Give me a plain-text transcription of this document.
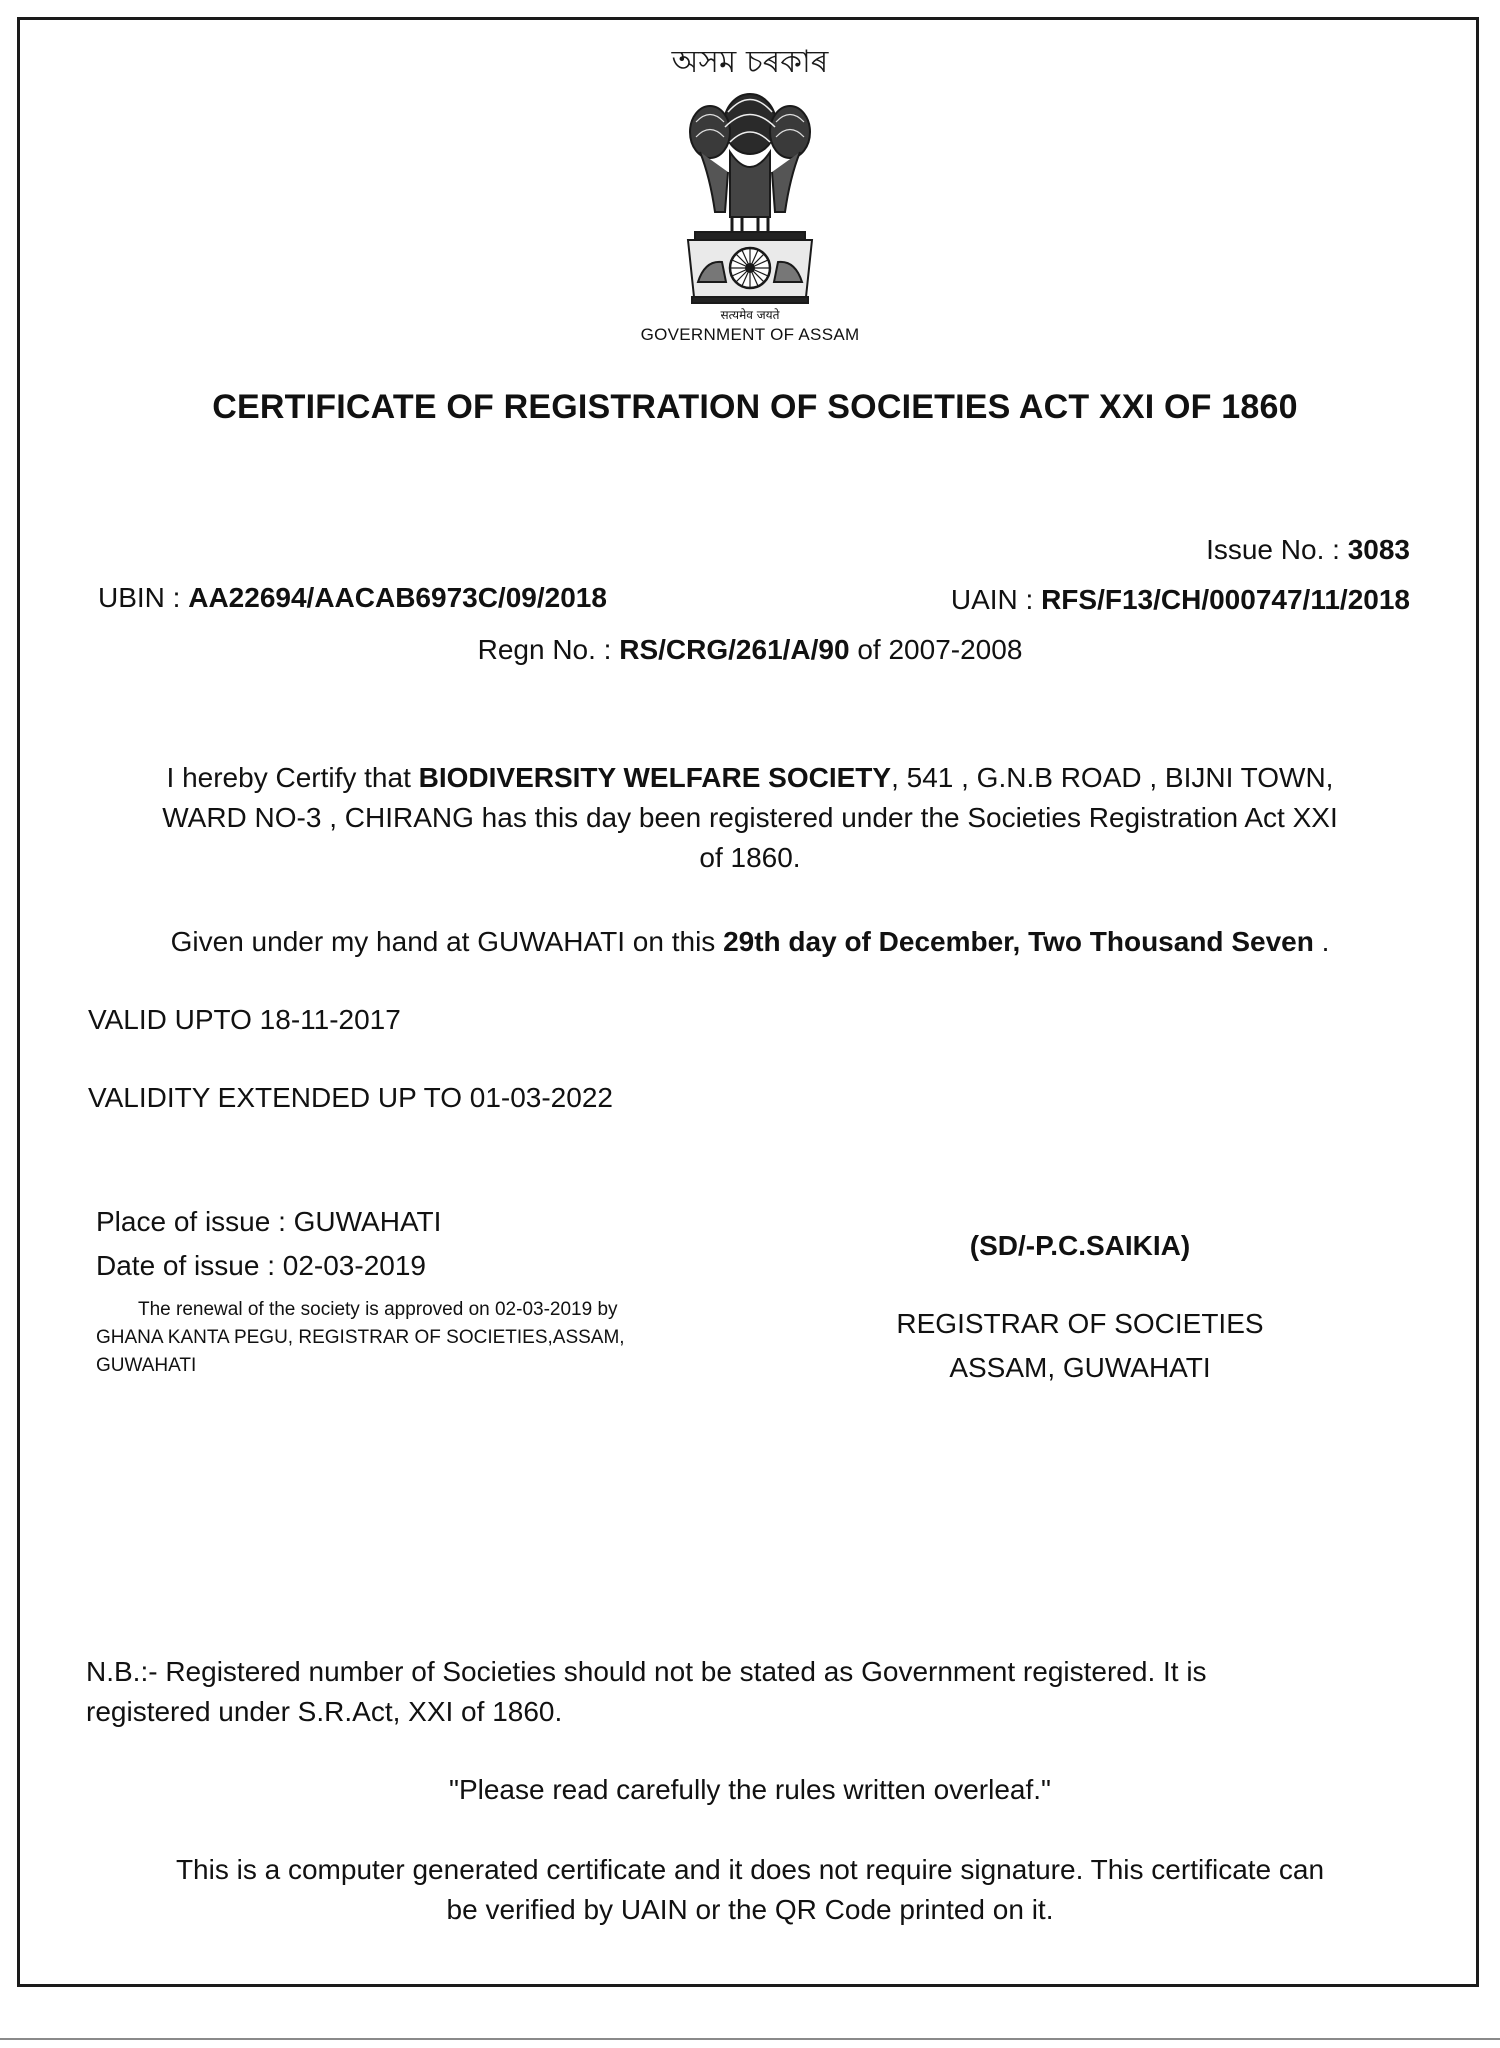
অসম চৰকাৰ
सत्यमेव जयते
GOVERNMENT OF ASSAM
CERTIFICATE OF REGISTRATION OF SOCIETIES ACT XXI OF 1860
Issue No. : 3083
UBIN : AA22694/AACAB6973C/09/2018	UAIN : RFS/F13/CH/000747/11/2018
Regn No. : RS/CRG/261/A/90 of 2007-2008
I hereby Certify that BIODIVERSITY WELFARE SOCIETY, 541 , G.N.B ROAD , BIJNI TOWN,
WARD NO-3 , CHIRANG has this day been registered under the Societies Registration Act XXI
of 1860.
Given under my hand at GUWAHATI on this 29th day of December, Two Thousand Seven .
VALID UPTO 18-11-2017
VALIDITY EXTENDED UP TO 01-03-2022
Place of issue : GUWAHATI
Date of issue : 02-03-2019
The renewal of the society is approved on 02-03-2019 by
GHANA KANTA PEGU, REGISTRAR OF SOCIETIES,ASSAM,
GUWAHATI
(SD/-P.C.SAIKIA)
REGISTRAR OF SOCIETIES
ASSAM, GUWAHATI
N.B.:- Registered number of Societies should not be stated as Government registered. It is
registered under S.R.Act, XXI of 1860.
"Please read carefully the rules written overleaf."
This is a computer generated certificate and it does not require signature. This certificate can
be verified by UAIN or the QR Code printed on it.
